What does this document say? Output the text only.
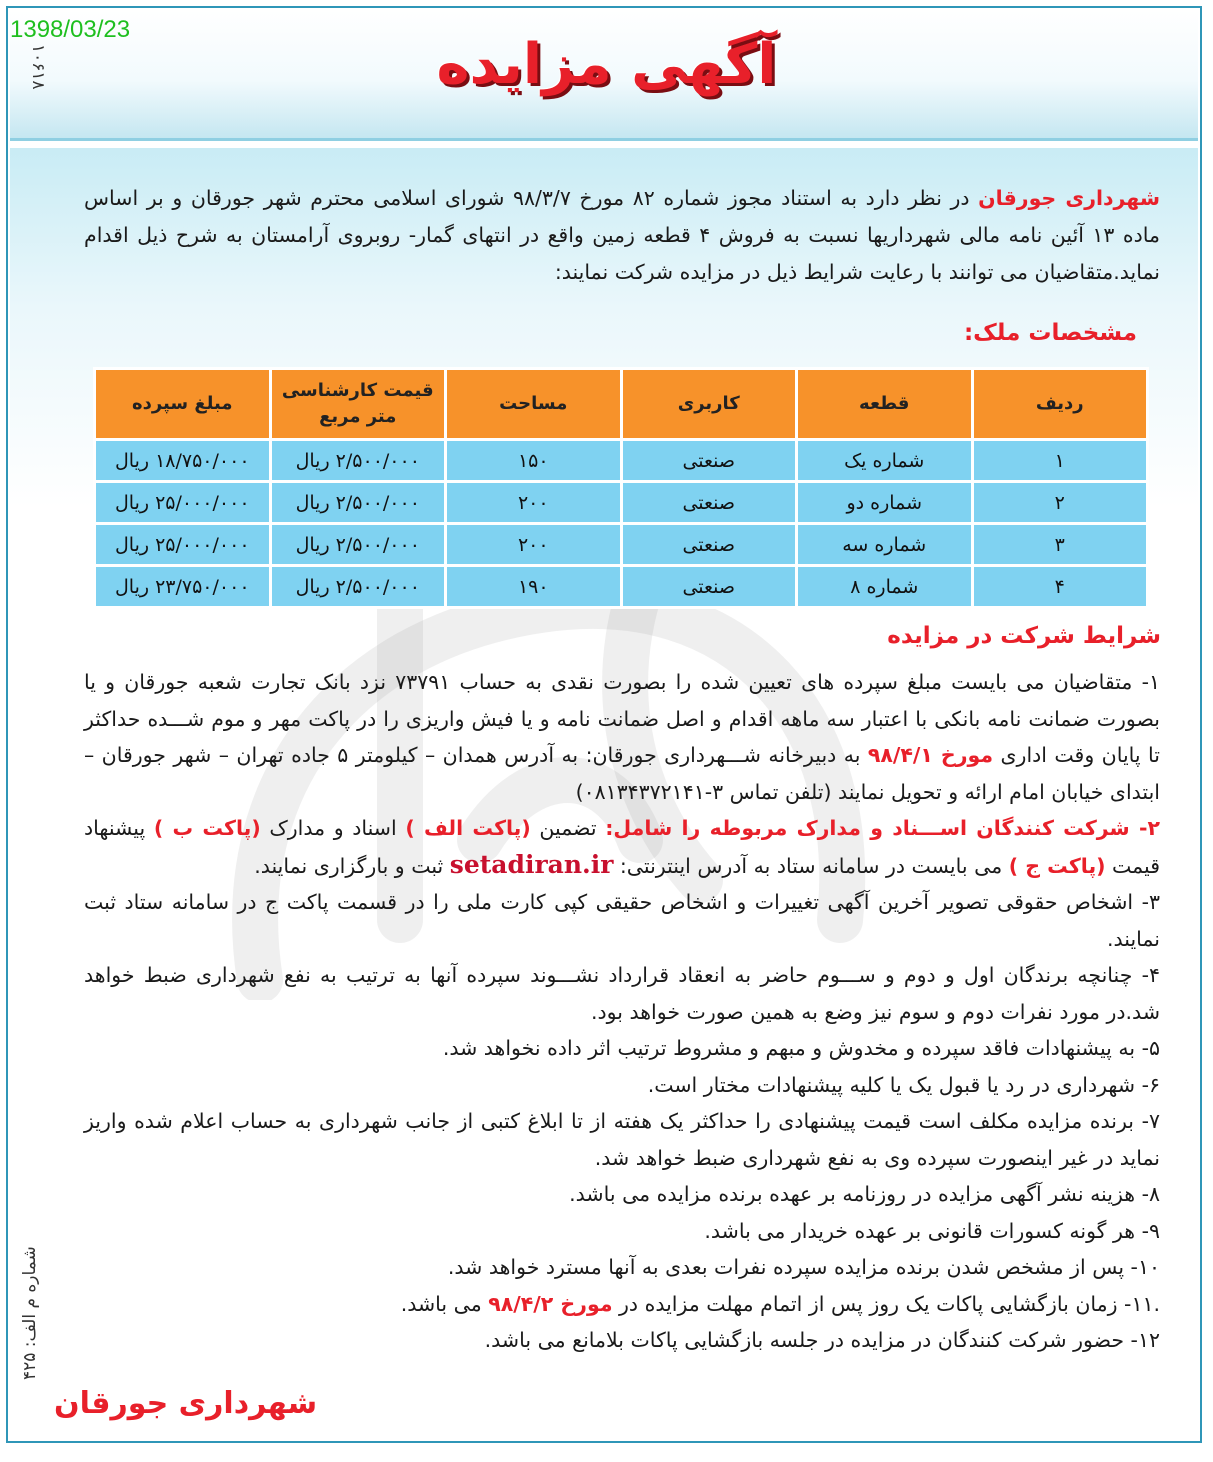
1398/03/23
۱۰۶۱۸	آگهی مزایده

شهرداری جورقان در نظر دارد به استناد مجوز شماره ۸۲ مورخ ۹۸/۳/۷ شورای اسلامی محترم شهر جورقان و بر اساس ماده ۱۳ آئین نامه مالی شهرداریها نسبت به فروش ۴ قطعه زمین واقع در انتهای گمار- روبروی آرامستان به شرح ذیل اقدام نماید.متقاضیان می توانند با رعایت شرایط ذیل در مزایده شرکت نمایند:

مشخصات ملک:
ردیف	قطعه	کاربری	مساحت	قیمت کارشناسی متر مربع	مبلغ سپرده
۱	شماره یک	صنعتی	۱۵۰	۲/۵۰۰/۰۰۰ ریال	۱۸/۷۵۰/۰۰۰ ریال
۲	شماره دو	صنعتی	۲۰۰	۲/۵۰۰/۰۰۰ ریال	۲۵/۰۰۰/۰۰۰ ریال
۳	شماره سه	صنعتی	۲۰۰	۲/۵۰۰/۰۰۰ ریال	۲۵/۰۰۰/۰۰۰ ریال
۴	شماره ۸	صنعتی	۱۹۰	۲/۵۰۰/۰۰۰ ریال	۲۳/۷۵۰/۰۰۰ ریال
شرایط شرکت در مزایده

۱- متقاضیان می بایست مبلغ سپرده های تعیین شده را بصورت نقدی به حساب ۷۳۷۹۱ نزد بانک تجارت شعبه جورقان و یا بصورت ضمانت نامه بانکی با اعتبار سه ماهه اقدام و اصل ضمانت نامه و یا فیش واریزی را در پاکت مهر و موم شـــده حداکثر تا پایان وقت اداری مورخ ۹۸/۴/۱ به دبیرخانه شـــهرداری جورقان: به آدرس همدان – کیلومتر ۵ جاده تهران – شهر جورقان – ابتدای خیابان امام ارائه و تحویل نمایند (تلفن تماس ۳-۰۸۱۳۴۳۷۲۱۴۱)

۲- شرکت کنندگان اســـناد و مدارک مربوطه را شامل: تضمین (پاکت الف ) اسناد و مدارک (پاکت ب ) پیشنهاد قیمت (پاکت ج ) می بایست در سامانه ستاد به آدرس اینترنتی: setadiran.ir ثبت و بارگزاری نمایند.

۳- اشخاص حقوقی تصویر آخرین آگهی تغییرات و اشخاص حقیقی کپی کارت ملی را در قسمت پاکت ج در سامانه ستاد ثبت نمایند.

۴- چنانچه برندگان اول و دوم و ســـوم حاضر به انعقاد قرارداد نشـــوند سپرده آنها به ترتیب به نفع شهرداری ضبط خواهد شد.در مورد نفرات دوم و سوم نیز وضع به همین صورت خواهد بود.

۵- به پیشنهادات فاقد سپرده و مخدوش و مبهم و مشروط ترتیب اثر داده نخواهد شد.

۶- شهرداری در رد یا قبول یک یا کلیه پیشنهادات مختار است.

۷- برنده مزایده مکلف است قیمت پیشنهادی را حداکثر یک هفته از تا ابلاغ کتبی از جانب شهرداری به حساب اعلام شده واریز نماید در غیر اینصورت سپرده وی به نفع شهرداری ضبط خواهد شد.

۸- هزینه نشر آگهی مزایده در روزنامه بر عهده برنده مزایده می باشد.

۹- هر گونه کسورات قانونی بر عهده خریدار می باشد.

۱۰- پس از مشخص شدن برنده مزایده سپرده نفرات بعدی به آنها مسترد خواهد شد.

.۱۱- زمان بازگشایی پاکات یک روز پس از اتمام مهلت مزایده در مورخ ۹۸/۴/۲ می باشد.

۱۲- حضور شرکت کنندگان در مزایده در جلسه بازگشایی پاکات بلامانع می باشد.

شماره م الف: ۴۲۵
شهرداری جورقان
